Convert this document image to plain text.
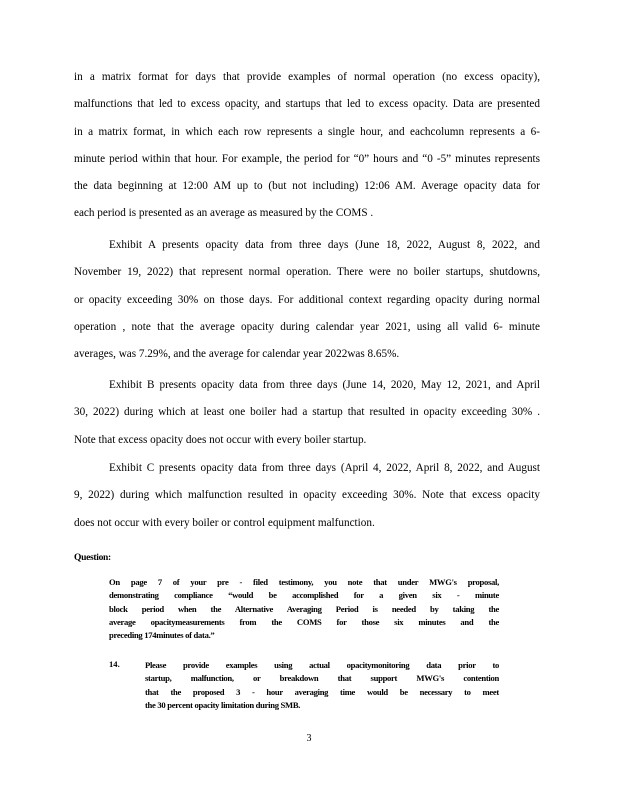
in a matrix format for days that provide examples of normal operation (no excess opacity),
malfunctions that led to excess opacity, and startups that led to excess opacity. Data are presented
in a matrix format, in which each row represents a single hour, and eachcolumn represents a 6-
minute period within that hour. For example, the period for “0” hours and “0 -5” minutes represents
the data beginning at 12:00 AM up to (but not including) 12:06 AM. Average opacity data for
each period is presented as an average as measured by the COMS .
Exhibit A presents opacity data from three days (June 18, 2022, August 8, 2022, and
November 19, 2022) that represent normal operation. There were no boiler startups, shutdowns,
or opacity exceeding 30% on those days. For additional context regarding opacity during normal
operation , note that the average opacity during calendar year 2021, using all valid 6- minute
averages, was 7.29%, and the average for calendar year 2022was 8.65%.
Exhibit B presents opacity data from three days (June 14, 2020, May 12, 2021, and April
30, 2022) during which at least one boiler had a startup that resulted in opacity exceeding 30% .
Note that excess opacity does not occur with every boiler startup.
Exhibit C presents opacity data from three days (April 4, 2022, April 8, 2022, and August
9, 2022) during which malfunction resulted in opacity exceeding 30%. Note that excess opacity
does not occur with every boiler or control equipment malfunction.
Question:
On page 7 of your pre - filed testimony, you note that under MWG's proposal,
demonstrating compliance “would be accomplished for a given six - minute
block period when the Alternative Averaging Period is needed by taking the
average opacitymeasurements from the COMS for those six minutes and the
preceding 174minutes of data.”
14.	Please provide examples using actual opacitymonitoring data prior to
startup, malfunction, or breakdown that support MWG's contention
that the proposed 3 - hour averaging time would be necessary to meet
the 30 percent opacity limitation during SMB.
3
